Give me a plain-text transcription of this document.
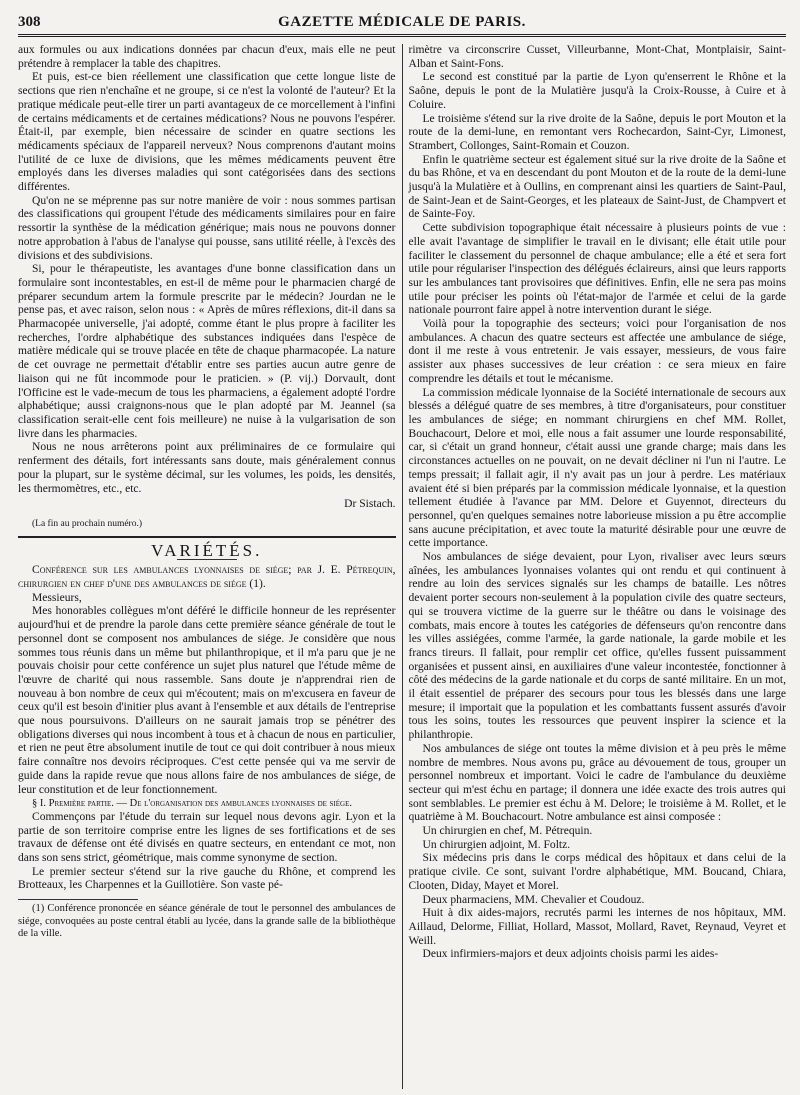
308	GAZETTE MÉDICALE DE PARIS.

aux formules ou aux indications données par chacun d'eux, mais elle ne peut prétendre à remplacer la table des chapitres.

Et puis, est-ce bien réellement une classification que cette longue liste de sections que rien n'enchaîne et ne groupe, si ce n'est la volonté de l'auteur? Et la pratique médicale peut-elle tirer un parti avantageux de ce morcellement à l'infini de certains médicaments et de certaines médications? Nous ne pouvons l'espérer. Était-il, par exemple, bien nécessaire de scinder en quatre sections les médicaments spéciaux de l'appareil nerveux? Nous comprenons d'autant moins l'utilité de ce luxe de divisions, que les mêmes médicaments peuvent être employés dans les diverses maladies qui sont catégorisées dans des sections différentes.

Qu'on ne se méprenne pas sur notre manière de voir : nous sommes partisan des classifications qui groupent l'étude des médicaments similaires pour en faire ressortir la synthèse de la médication générique; mais nous ne pouvons donner notre approbation à l'abus de l'analyse qui pousse, sans utilité réelle, à l'excès des divisions et des subdivisions.

Si, pour le thérapeutiste, les avantages d'une bonne classification dans un formulaire sont incontestables, en est-il de même pour le pharmacien chargé de préparer secundum artem la formule prescrite par le médecin? Jourdan ne le pense pas, et avec raison, selon nous : « Après de mûres réflexions, dit-il dans sa Pharmacopée universelle, j'ai adopté, comme étant le plus propre à faciliter les recherches, l'ordre alphabétique des substances indiquées dans l'espèce de matière médicale qui se trouve placée en tête de chaque pharmacopée. La nature de cet ouvrage ne permettait d'établir entre ses parties aucun autre genre de liaison qui ne fût incommode pour le praticien. » (P. vij.) Dorvault, dont l'Officine est le vade-mecum de tous les pharmaciens, a également adopté l'ordre alphabétique; aussi craignons-nous que le plan adopté par M. Jeannel (sa classification serait-elle cent fois meilleure) ne nuise à la vulgarisation de son livre dans les pharmacies.

Nous ne nous arrêterons point aux préliminaires de ce formulaire qui renferment des détails, fort intéressants sans doute, mais généralement connus pour la plupart, sur le système décimal, sur les volumes, les poids, les densités, les thermomètres, etc., etc.

Dr Sistach.

(La fin au prochain numéro.)
VARIÉTÉS.

Conférence sur les ambulances lyonnaises de siége; par J. E. Pétrequin, chirurgien en chef d'une des ambulances de siége (1).

Messieurs,

Mes honorables collègues m'ont déféré le difficile honneur de les représenter aujourd'hui et de prendre la parole dans cette première séance générale de tout le personnel dont se composent nos ambulances de siége. Je considère que nous sommes tous réunis dans un même but philanthropique, et il m'a paru que je ne pouvais choisir pour cette conférence un sujet plus naturel que l'étude même de l'œuvre de charité qui nous rassemble. Sans doute je n'apprendrai rien de nouveau à bon nombre de ceux qui m'écoutent; mais on m'excusera en faveur de ceux qu'il est besoin d'initier plus avant à l'ensemble et aux détails de l'entreprise que nous poursuivons. D'ailleurs on ne saurait jamais trop se pénétrer des obligations diverses qui nous incombent à tous et à chacun de nous en particulier, et rien ne peut être absolument inutile de tout ce qui doit contribuer à nous mieux faire connaître nos devoirs réciproques. C'est cette pensée qui va me servir de guide dans la rapide revue que nous allons faire de nos ambulances de siége, de leur constitution et de leur fonctionnement.

§ I. Première partie. — De l'organisation des ambulances lyonnaises de siége.

Commençons par l'étude du terrain sur lequel nous devons agir. Lyon et la partie de son territoire comprise entre les lignes de ses fortifications et de ses travaux de défense ont été divisés en quatre secteurs, en entendant ce mot, non dans son sens strict, géométrique, mais comme synonyme de section.

Le premier secteur s'étend sur la rive gauche du Rhône, et comprend les Brotteaux, les Charpennes et la Guillotière. Son vaste pé-

(1) Conférence prononcée en séance générale de tout le personnel des ambulances de siége, convoquées au poste central établi au lycée, dans la grande salle de la bibliothèque de la ville.

rimètre va circonscrire Cusset, Villeurbanne, Mont-Chat, Montplaisir, Saint-Alban et Saint-Fons.

Le second est constitué par la partie de Lyon qu'enserrent le Rhône et la Saône, depuis le pont de la Mulatière jusqu'à la Croix-Rousse, à Cuire et à Coluire.

Le troisième s'étend sur la rive droite de la Saône, depuis le port Mouton et la route de la demi-lune, en remontant vers Rochecardon, Saint-Cyr, Limonest, Strambert, Collonges, Saint-Romain et Couzon.

Enfin le quatrième secteur est également situé sur la rive droite de la Saône et du bas Rhône, et va en descendant du pont Mouton et de la route de la demi-lune jusqu'à la Mulatière et à Oullins, en comprenant ainsi les quartiers de Saint-Paul, de Saint-Jean et de Saint-Georges, et les plateaux de Saint-Just, de Champvert et de Sainte-Foy.

Cette subdivision topographique était nécessaire à plusieurs points de vue : elle avait l'avantage de simplifier le travail en le divisant; elle était utile pour faciliter le classement du personnel de chaque ambulance; elle a été et sera fort utile pour régulariser l'inspection des délégués éclaireurs, ainsi que leurs rapports sur les ambulances tant provisoires que définitives. Enfin, elle ne sera pas moins utile pour préciser les points où l'état-major de l'armée et celui de la garde nationale pourront faire appel à notre intervention durant le siége.

Voilà pour la topographie des secteurs; voici pour l'organisation de nos ambulances. A chacun des quatre secteurs est affectée une ambulance de siége, dont il me reste à vous entretenir. Je vais essayer, messieurs, de vous faire assister aux phases successives de leur création : ce sera mieux en faire comprendre les détails et tout le mécanisme.

La commission médicale lyonnaise de la Société internationale de secours aux blessés a délégué quatre de ses membres, à titre d'organisateurs, pour constituer les ambulances de siége; en nommant chirurgiens en chef MM. Rollet, Bouchacourt, Delore et moi, elle nous a fait assumer une lourde responsabilité, car, si c'était un grand honneur, c'était aussi une grande charge; mais dans les circonstances actuelles on ne pouvait, on ne devait décliner ni l'un ni l'autre. Le temps pressait; il fallait agir, il n'y avait pas un jour à perdre. Les matériaux avaient été si bien préparés par la commission médicale lyonnaise, et la question tellement étudiée à l'avance par MM. Delore et Guyennot, directeurs du personnel, qu'en quelques semaines notre laborieuse mission a pu être accomplie sans aucune précipitation, et avec toute la maturité désirable pour une œuvre de cette importance.

Nos ambulances de siége devaient, pour Lyon, rivaliser avec leurs sœurs aînées, les ambulances lyonnaises volantes qui ont rendu et qui continuent à rendre au loin des services signalés sur les champs de bataille. Les nôtres devaient porter secours non-seulement à la population civile des quatre secteurs, qui se trouvera victime de la guerre sur le théâtre ou dans le voisinage des combats, mais encore à toutes les catégories de défenseurs qu'on rencontre dans les villes assiégées, comme l'armée, la garde nationale, la garde mobile et les francs tireurs. Il fallait, pour remplir cet office, qu'elles fussent puissamment organisées et pussent ainsi, en auxiliaires d'une valeur incontestée, fonctionner à côté des médecins de la garde nationale et du corps de santé militaire. En un mot, il était essentiel de préparer des secours pour tous les blessés dans une large mesure; il importait que la population et les combattants fussent assurés d'avoir tous les soins, toutes les ressources que peuvent inspirer la science et la philanthropie.

Nos ambulances de siége ont toutes la même division et à peu près le même nombre de membres. Nous avons pu, grâce au dévouement de tous, grouper un personnel nombreux et important. Voici le cadre de l'ambulance du deuxième secteur qui m'est échu en partage; il donnera une idée exacte des trois autres qui sont semblables. Le premier est échu à M. Delore; le troisième à M. Rollet, et le quatrième à M. Bouchacourt. Notre ambulance est ainsi composée :

Un chirurgien en chef, M. Pétrequin.

Un chirurgien adjoint, M. Foltz.

Six médecins pris dans le corps médical des hôpitaux et dans celui de la pratique civile. Ce sont, suivant l'ordre alphabétique, MM. Boucand, Chiara, Clooten, Diday, Mayet et Morel.

Deux pharmaciens, MM. Chevalier et Coudouz.

Huit à dix aides-majors, recrutés parmi les internes de nos hôpitaux, MM. Aillaud, Delorme, Filliat, Hollard, Massot, Mollard, Ravet, Reynaud, Veyret et Weill.

Deux infirmiers-majors et deux adjoints choisis parmi les aides-
